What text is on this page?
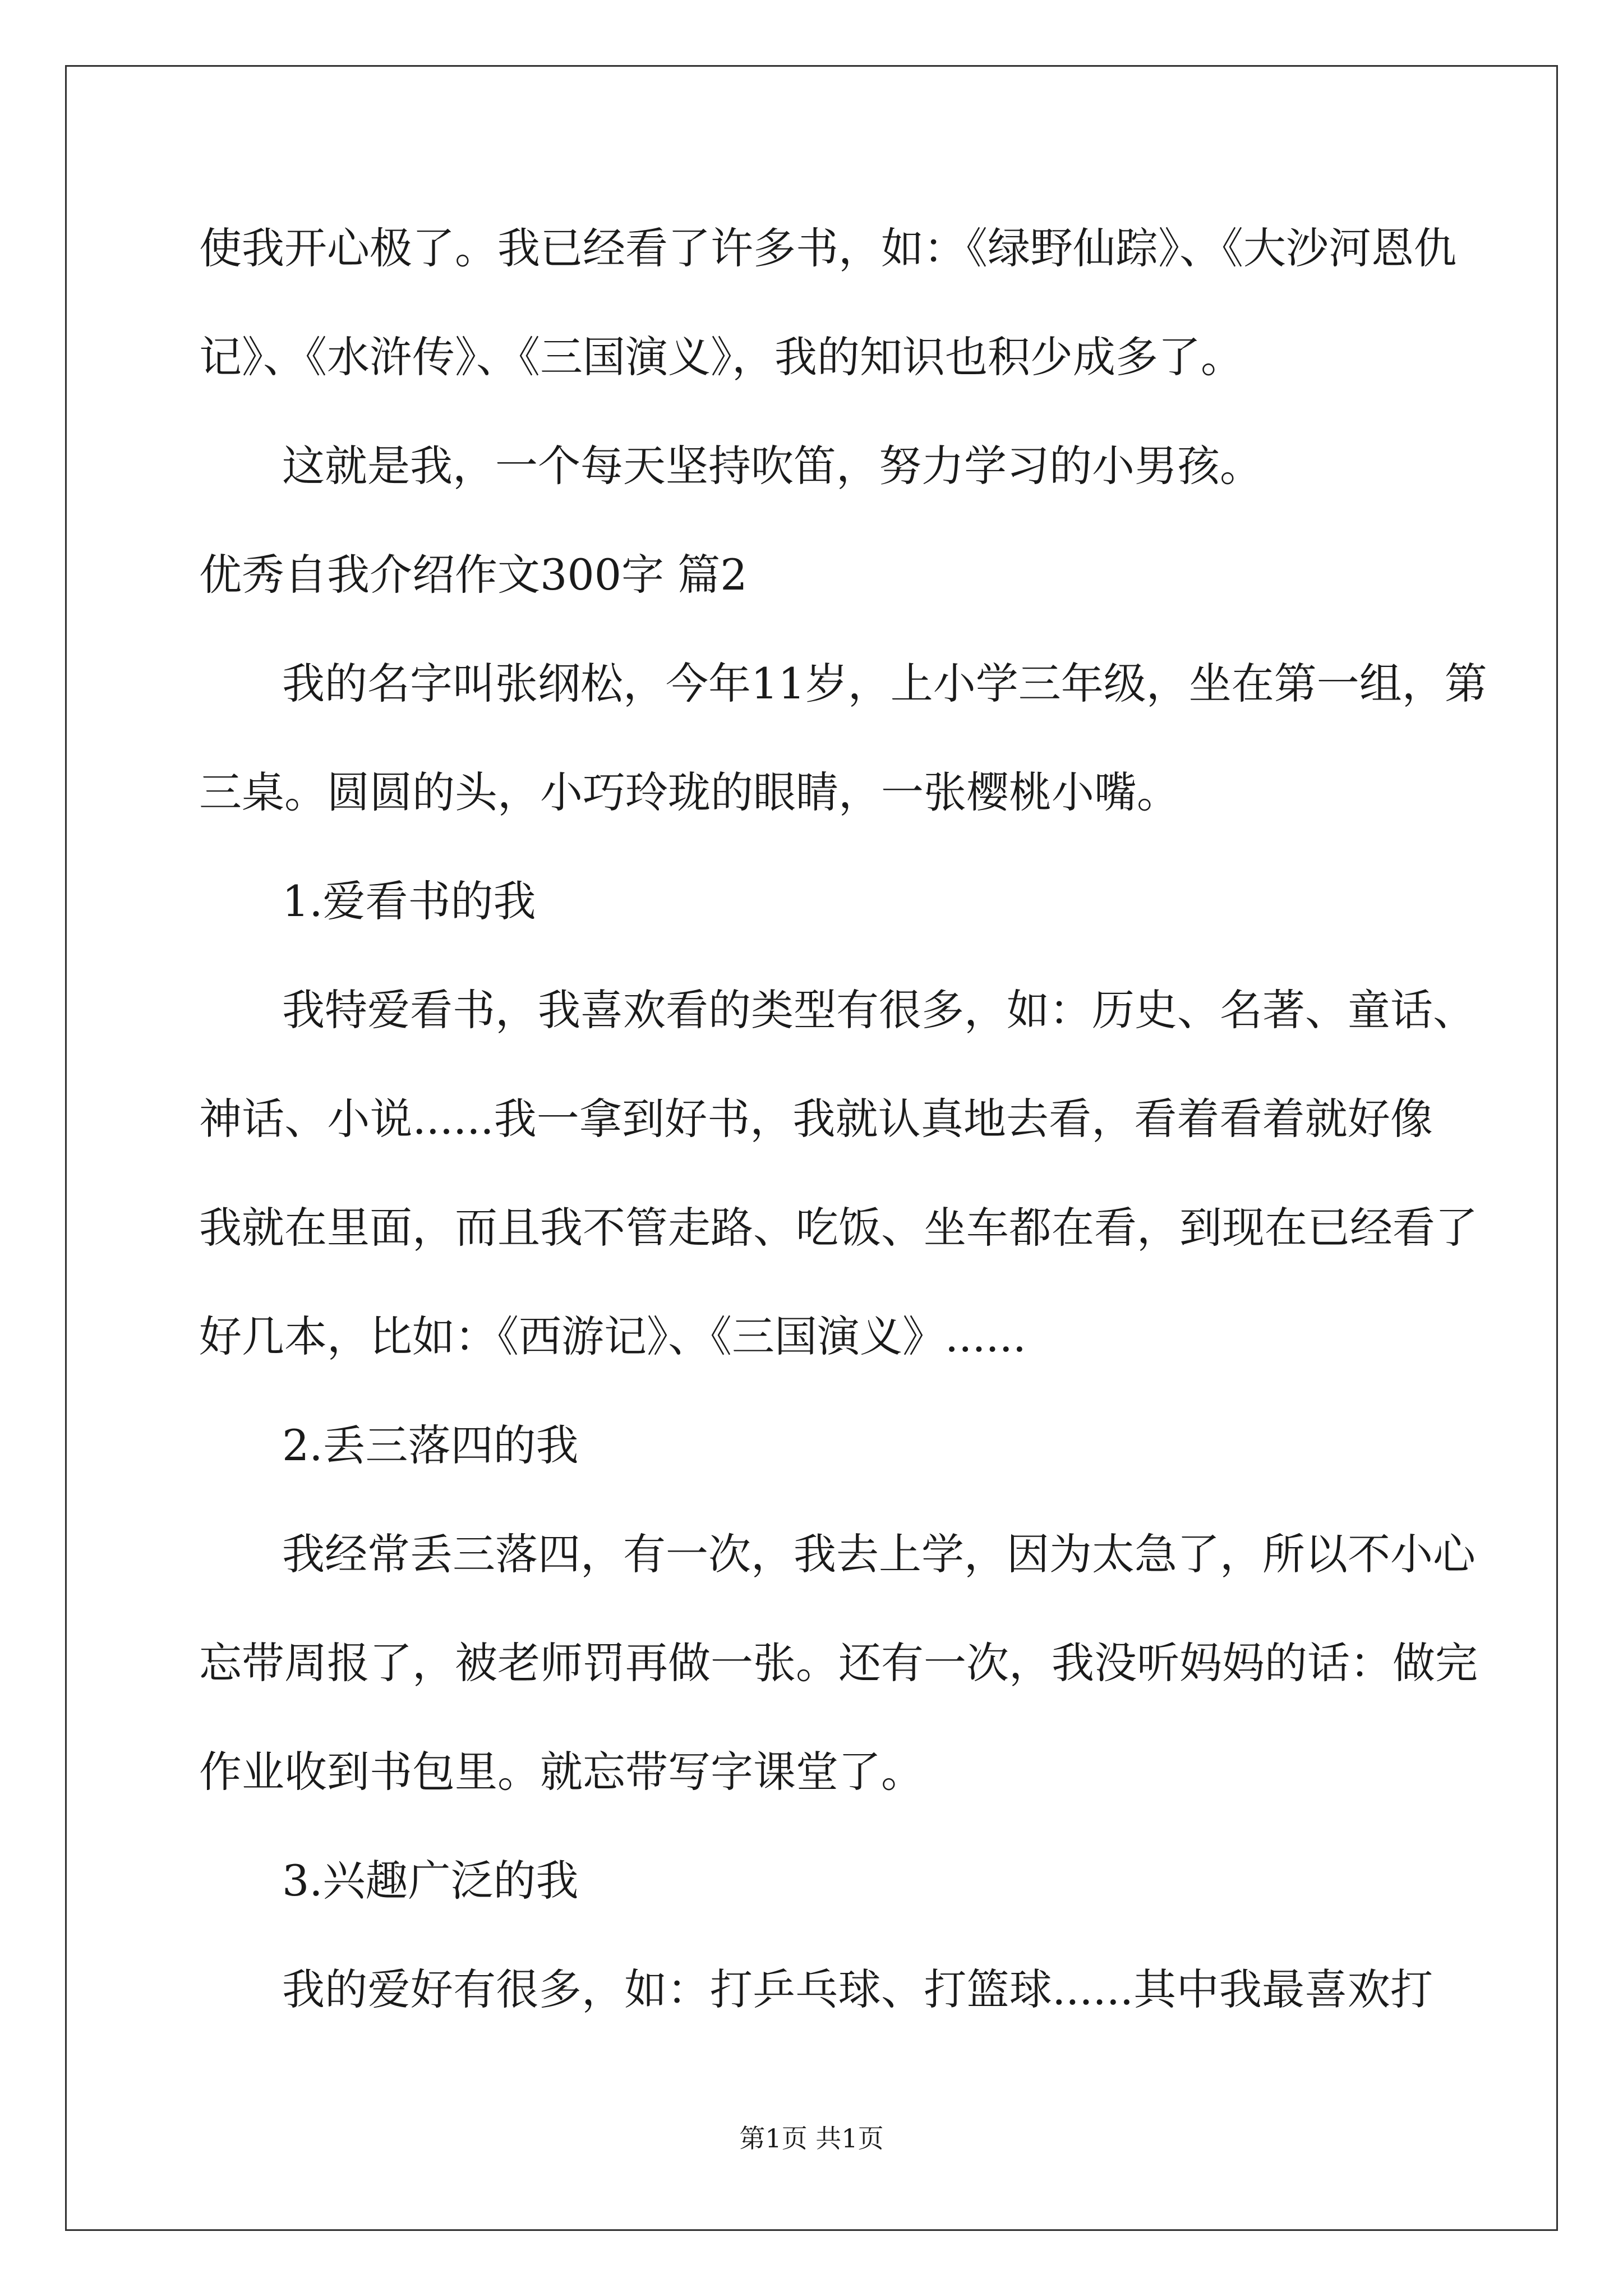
使我开心极了。我已经看了许多书，如：《绿野仙踪》、《大沙河恩仇
记》、《水浒传》、《三国演义》，我的知识也积少成多了。
这就是我，一个每天坚持吹笛，努力学习的小男孩。
优秀自我介绍作文300字 篇2
我的名字叫张纲松，今年11岁，上小学三年级，坐在第一组，第
三桌。圆圆的头，小巧玲珑的眼睛，一张樱桃小嘴。
1.爱看书的我
我特爱看书，我喜欢看的类型有很多，如：历史、名著、童话、
神话、小说......我一拿到好书，我就认真地去看，看着看着就好像
我就在里面，而且我不管走路、吃饭、坐车都在看，到现在已经看了
好几本，比如：《西游记》、《三国演义》......
2.丢三落四的我
我经常丢三落四，有一次，我去上学，因为太急了，所以不小心
忘带周报了，被老师罚再做一张。还有一次，我没听妈妈的话：做完
作业收到书包里。就忘带写字课堂了。
3.兴趣广泛的我
我的爱好有很多，如：打乒乓球、打篮球......其中我最喜欢打
第1页 共1页
